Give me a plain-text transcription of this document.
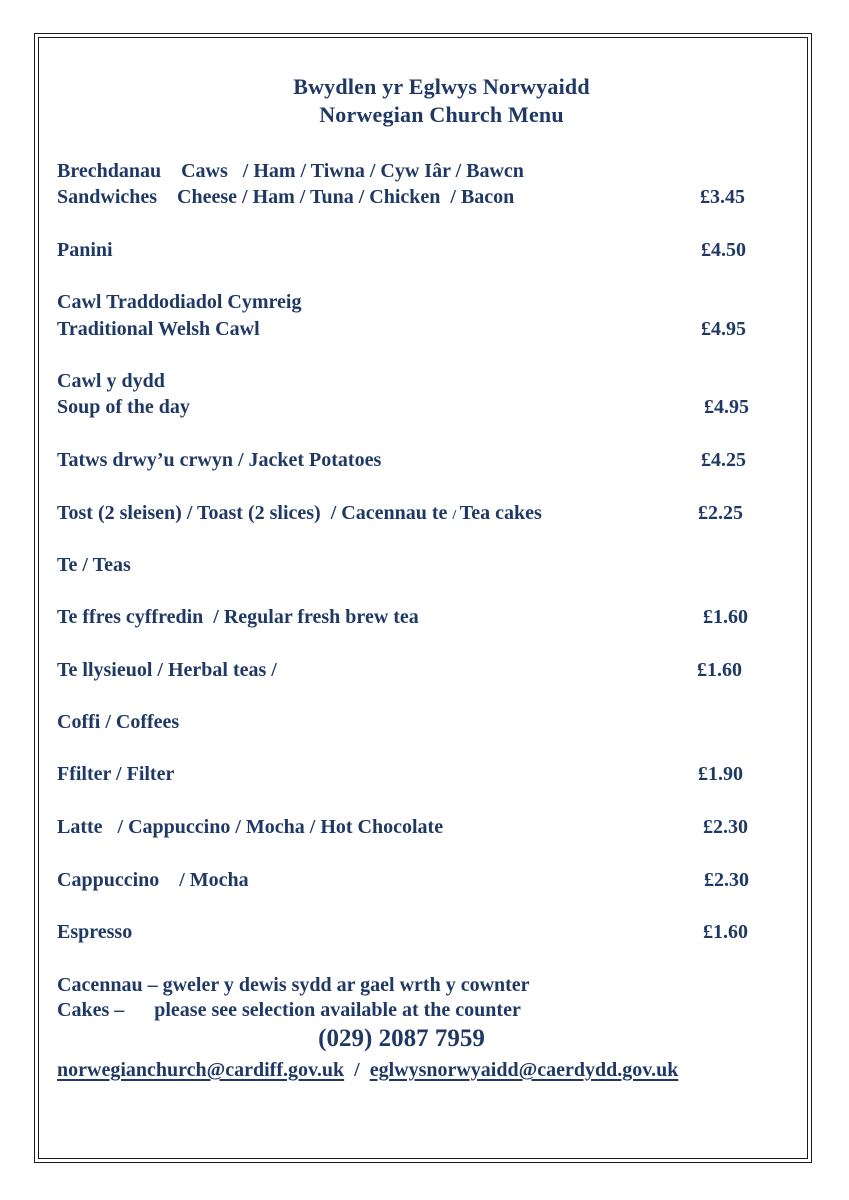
Bwydlen yr Eglwys Norwyaidd
Norwegian Church Menu
Brechdanau    Caws   / Ham / Tiwna / Cyw Iâr / Bawcn
Sandwiches    Cheese / Ham / Tuna / Chicken  / Bacon	£3.45
Panini	£4.50
Cawl Traddodiadol Cymreig
Traditional Welsh Cawl	£4.95
Cawl y dydd
Soup of the day	£4.95
Tatws drwy’u crwyn / Jacket Potatoes	£4.25
Tost (2 sleisen) / Toast (2 slices)  / Cacennau te / Tea cakes	£2.25
Te / Teas
Te ffres cyffredin  / Regular fresh brew tea	£1.60
Te llysieuol / Herbal teas /	£1.60
Coffi / Coffees
Ffilter / Filter	£1.90
Latte   / Cappuccino / Mocha / Hot Chocolate	£2.30
Cappuccino    / Mocha	£2.30
Espresso	£1.60
Cacennau – gweler y dewis sydd ar gael wrth y cownter
Cakes –      please see selection available at the counter
(029) 2087 7959
norwegianchurch@cardiff.gov.uk  /  eglwysnorwyaidd@caerdydd.gov.uk
